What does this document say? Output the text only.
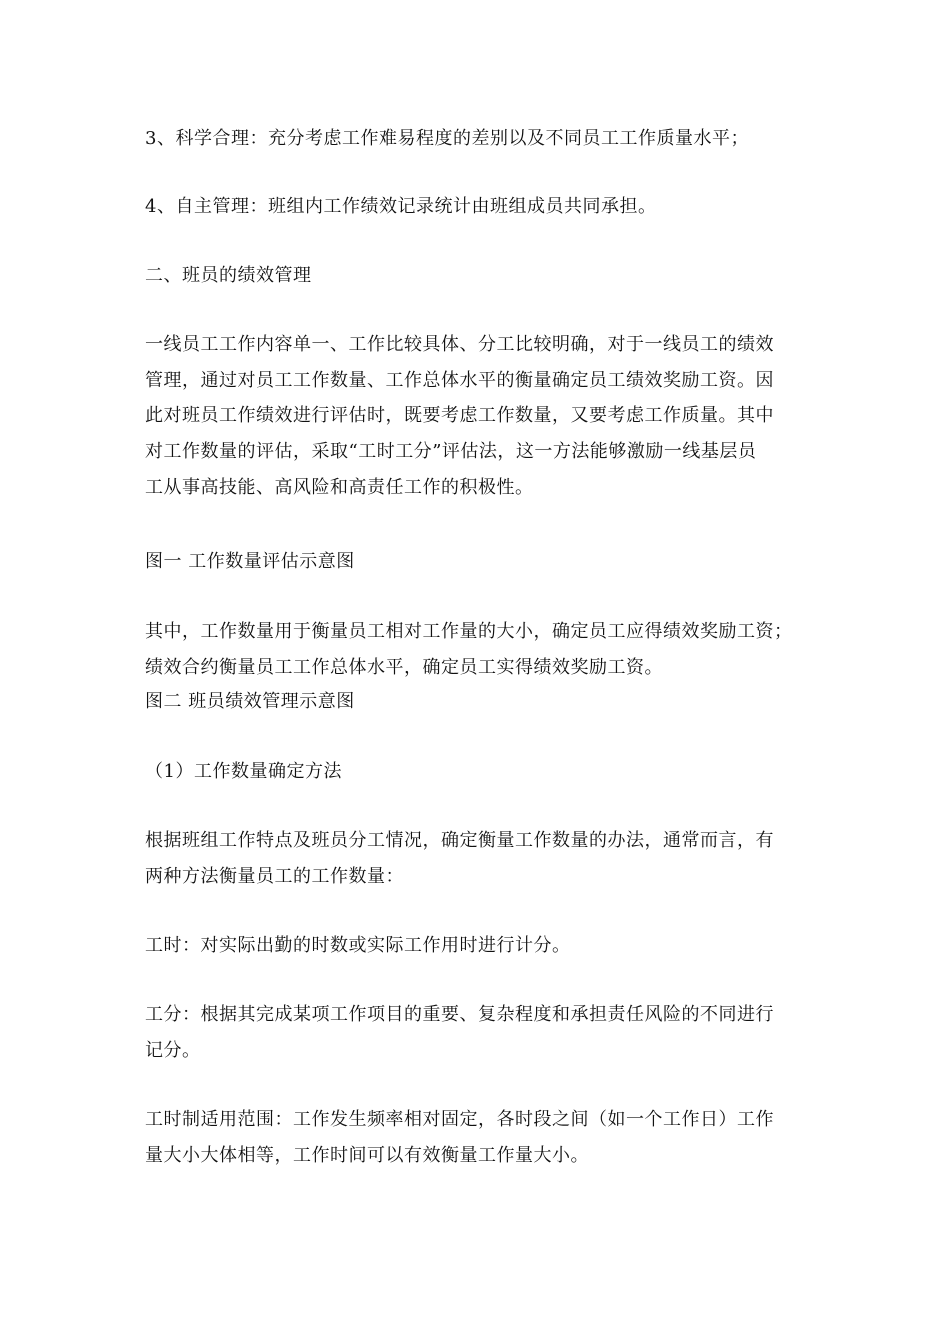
3、科学合理：充分考虑工作难易程度的差别以及不同员工工作质量水平；
4、自主管理：班组内工作绩效记录统计由班组成员共同承担。
二、班员的绩效管理
一线员工工作内容单一、工作比较具体、分工比较明确，对于一线员工的绩效
管理，通过对员工工作数量、工作总体水平的衡量确定员工绩效奖励工资。因
此对班员工作绩效进行评估时，既要考虑工作数量，又要考虑工作质量。其中
对工作数量的评估，采取“工时工分”评估法，这一方法能够激励一线基层员
工从事高技能、高风险和高责任工作的积极性。
图一 工作数量评估示意图
其中，工作数量用于衡量员工相对工作量的大小，确定员工应得绩效奖励工资；
绩效合约衡量员工工作总体水平，确定员工实得绩效奖励工资。
图二 班员绩效管理示意图
（1）工作数量确定方法
根据班组工作特点及班员分工情况，确定衡量工作数量的办法，通常而言，有
两种方法衡量员工的工作数量：
工时：对实际出勤的时数或实际工作用时进行计分。
工分：根据其完成某项工作项目的重要、复杂程度和承担责任风险的不同进行
记分。
工时制适用范围：工作发生频率相对固定，各时段之间（如一个工作日）工作
量大小大体相等，工作时间可以有效衡量工作量大小。
